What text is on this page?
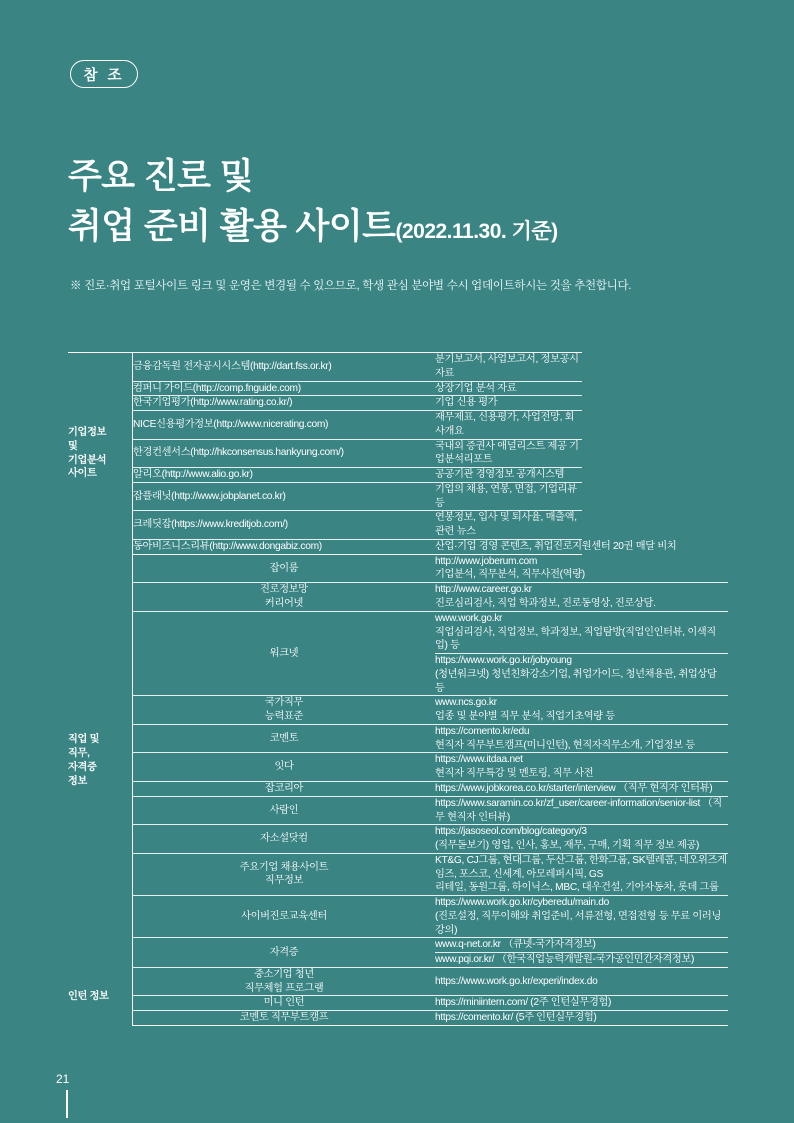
참 조
주요 진로 및
취업 준비 활용 사이트(2022.11.30. 기준)
※ 진로·취업 포털사이트 링크 및 운영은 변경될 수 있으므로, 학생 관심 분야별 수시 업데이트하시는 것을 추천합니다.
기업정보
및
기업분석
사이트	금융감독원 전자공시시스템(http://dart.fss.or.kr)	분기보고서, 사업보고서, 정보공시자료
	컴퍼니 가이드(http://comp.fnguide.com)	상장기업 분석 자료
	한국기업평가(http://www.rating.co.kr/)	기업 신용 평가
	NICE신용평가정보(http://www.nicerating.com)	재무제표, 신용평가, 사업전망, 회사개요
	한경컨센서스(http://hkconsensus.hankyung.com/)	국내외 증권사 애널리스트 제공 기업분석리포트
	알리오(http://www.alio.go.kr)	공공기관 경영정보 공개시스템
	잡플래닛(http://www.jobplanet.co.kr)	기업의 채용, 연봉, 면접, 기업리뷰 등
	크레딧잡(https://www.kreditjob.com/)	연봉정보, 입사 및 퇴사율, 매출액, 관련 뉴스
	동아비즈니스리뷰(http://www.dongabiz.com)	산업·기업 경영 콘텐츠, 취업진로지원센터 20권 매달 비치
직업 및
직무,
자격증
정보	잡이룸	http://www.joberum.com
기업분석, 직무분석, 직무사전(역량)

	진로정보망
커리어넷	http://www.career.go.kr
진로심리검사, 직업 학과정보, 진로동영상, 진로상담.

	워크넷	www.work.go.kr
직업심리검사, 직업정보, 학과정보, 직업탐방(직업인인터뷰, 이색직업) 등

		https://www.work.go.kr/jobyoung
(청년워크넷) 청년친화강소기업, 취업가이드, 청년채용관, 취업상담 등

	국가직무
능력표준	www.ncs.go.kr
업종 및 분야별 직무 분석, 직업기초역량 등

	코멘토	https://comento.kr/edu
현직자 직무부트캠프(미니인턴), 현직자직무소개, 기업정보 등

	잇다	https://www.itdaa.net
현직자 직무특강 및 멘토링, 직무 사전

	잡코리아	https://www.jobkorea.co.kr/starter/interview （직무 현직자 인터뷰)
	사람인	https://www.saramin.co.kr/zf_user/career-information/senior-list （직무 현직자 인터뷰)
	자소설닷컴	https://jasoseol.com/blog/category/3
(직무돋보기) 영업, 인사, 홍보, 재무, 구매, 기획 직무 정보 제공)

	주요기업 채용사이트
직무정보	KT&G, CJ그룹, 현대그룹, 두산그룹, 한화그룹, SK텔레콤, 네오위즈게임즈, 포스코, 신세계, 아모레퍼시픽, GS
리테일, 동원그룹, 하이닉스, MBC, 대우건설, 기아자동차, 롯데 그룹

	사이버진로교육센터	https://www.work.go.kr/cyberedu/main.do
(진로설정, 직무이해와 취업준비, 서류전형, 면접전형 등 무료 이러닝 강의)

	자격증	www.q-net.or.kr （큐넷-국가자격정보)
		www.pqi.or.kr/ （한국직업능력개발원-국가공인민간자격정보)
인턴 정보	중소기업 청년
직무체험 프로그램	https://www.work.go.kr/experi/index.do
	미니 인턴	https://miniintern.com/ (2주 인턴실무경험)
	코멘토 직무부트캠프	https://comento.kr/ (5주 인턴실무경험)
21
